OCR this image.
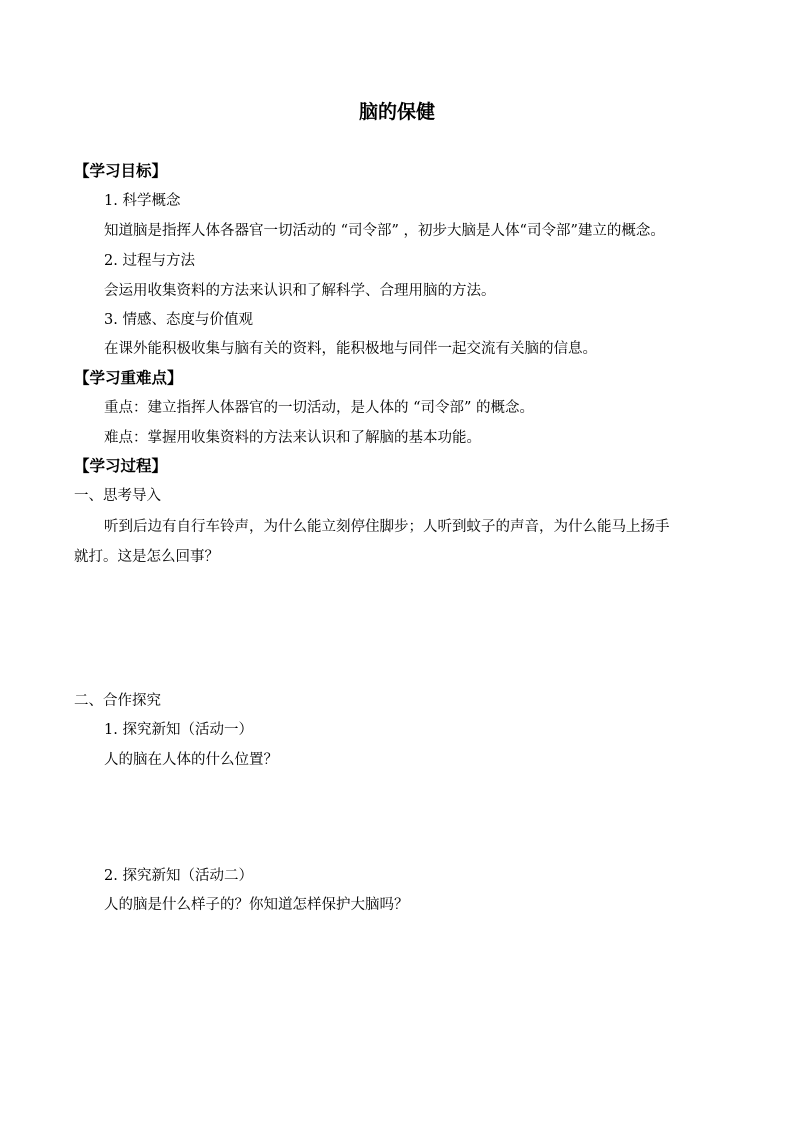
脑的保健
【学习目标】
1. 科学概念
知道脑是指挥人体各器官一切活动的 “司令部” ，初步大脑是人体“司令部”建立的概念。
2. 过程与方法
会运用收集资料的方法来认识和了解科学、合理用脑的方法。
3. 情感、态度与价值观
在课外能积极收集与脑有关的资料，能积极地与同伴一起交流有关脑的信息。
【学习重难点】
重点：建立指挥人体器官的一切活动，是人体的 “司令部” 的概念。
难点：掌握用收集资料的方法来认识和了解脑的基本功能。
【学习过程】
一、思考导入
听到后边有自行车铃声，为什么能立刻停住脚步；人听到蚊子的声音，为什么能马上扬手
就打。这是怎么回事？
二、合作探究
1. 探究新知（活动一）
人的脑在人体的什么位置？
2. 探究新知（活动二）
人的脑是什么样子的？你知道怎样保护大脑吗？
